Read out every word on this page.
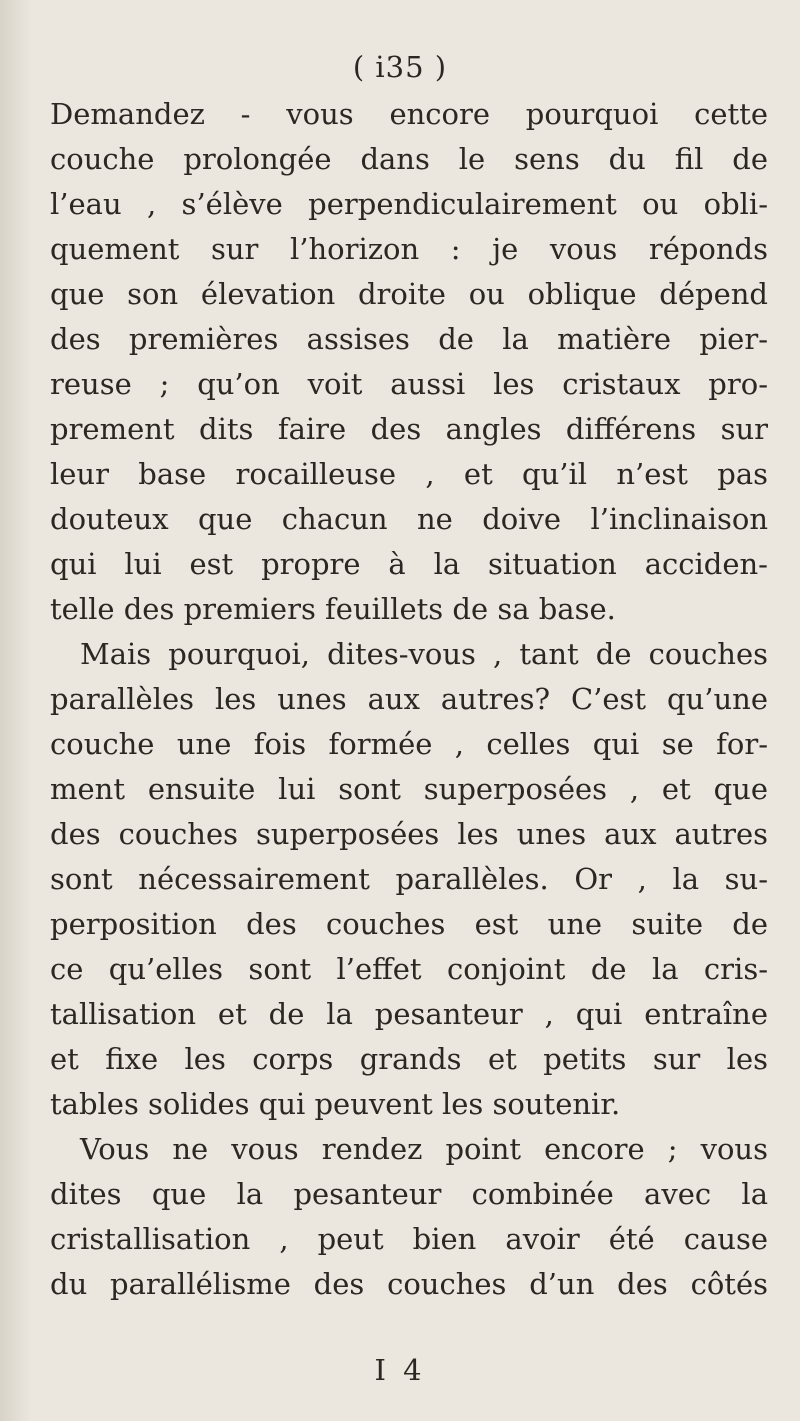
( i35 )
Demandez - vous encore pourquoi cette
couche prolongée dans le sens du fil de
l’eau , s’élève perpendiculairement ou obli-
quement sur l’horizon : je vous réponds
que son élevation droite ou oblique dépend
des premières assises de la matière pier-
reuse ; qu’on voit aussi les cristaux pro-
prement dits faire des angles différens sur
leur base rocailleuse , et qu’il n’est pas
douteux que chacun ne doive l’inclinaison
qui lui est propre à la situation acciden-
telle des premiers feuillets de sa base.
Mais pourquoi, dites-vous , tant de couches
parallèles les unes aux autres? C’est qu’une
couche une fois formée , celles qui se for-
ment ensuite lui sont superposées , et que
des couches superposées les unes aux autres
sont nécessairement parallèles. Or , la su-
perposition des couches est une suite de
ce qu’elles sont l’effet conjoint de la cris-
tallisation et de la pesanteur , qui entraîne
et fixe les corps grands et petits sur les
tables solides qui peuvent les soutenir.
Vous ne vous rendez point encore ; vous
dites que la pesanteur combinée avec la
cristallisation , peut bien avoir été cause
du parallélisme des couches d’un des côtés
I 4
